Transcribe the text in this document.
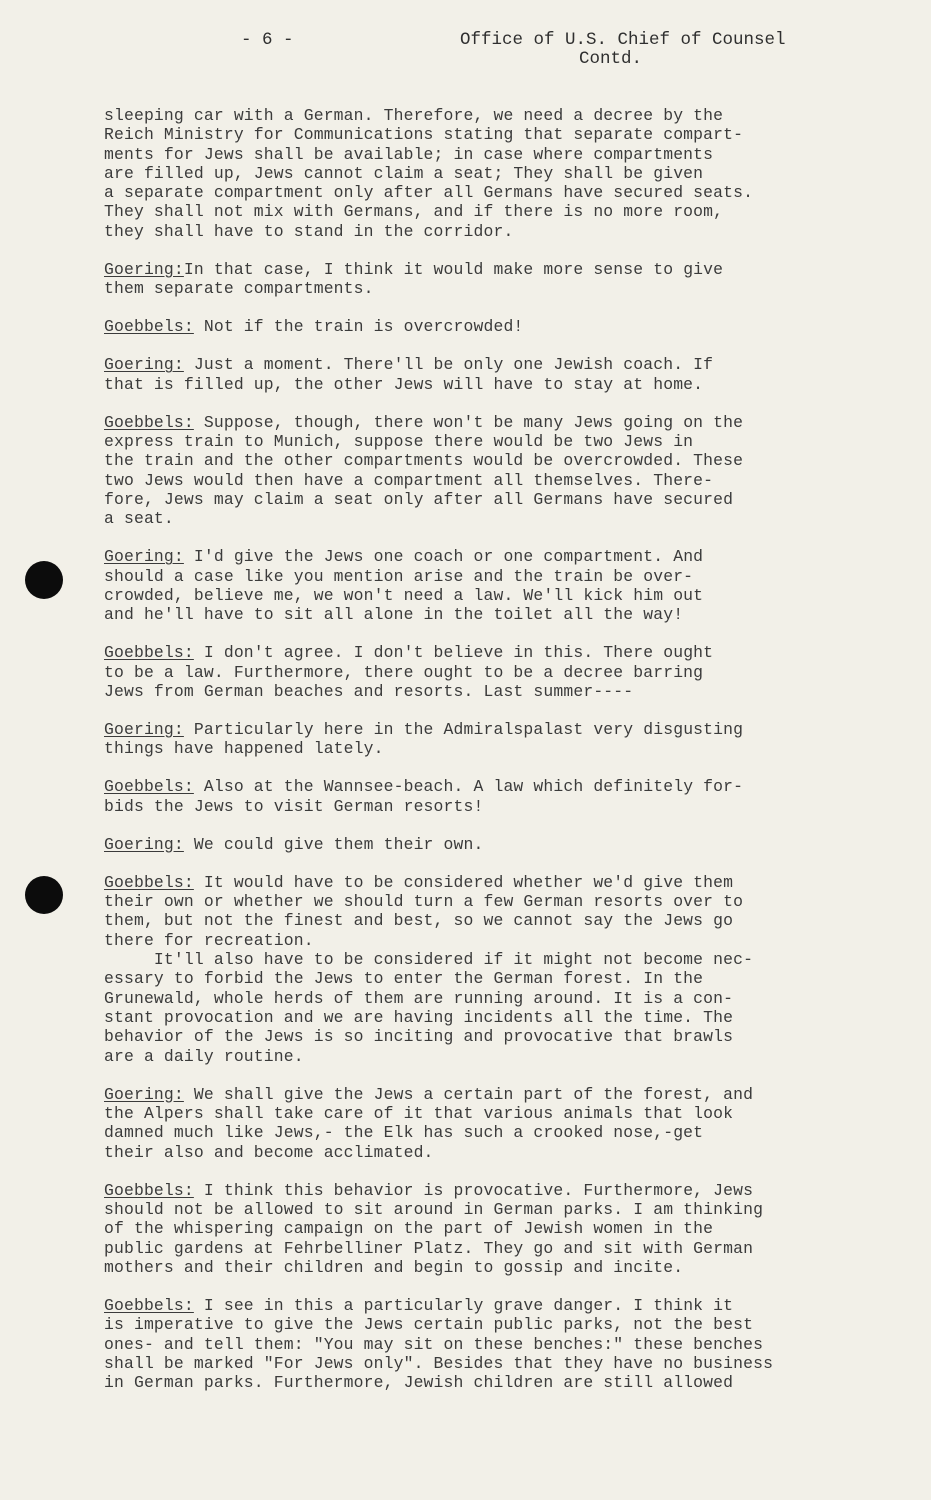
- 6 -	Office of U.S. Chief of Counsel
Contd.
sleeping car with a German. Therefore, we need a decree by the
Reich Ministry for Communications stating that separate compart-
ments for Jews shall be available; in case where compartments
are filled up, Jews cannot claim a seat; They shall be given
a separate compartment only after all Germans have secured seats.
They shall not mix with Germans, and if there is no more room,
they shall have to stand in the corridor.
Goering:In that case, I think it would make more sense to give
them separate compartments.
Goebbels: Not if the train is overcrowded!
Goering: Just a moment. There'll be only one Jewish coach. If
that is filled up, the other Jews will have to stay at home.
Goebbels: Suppose, though, there won't be many Jews going on the
express train to Munich, suppose there would be two Jews in
the train and the other compartments would be overcrowded. These
two Jews would then have a compartment all themselves. There-
fore, Jews may claim a seat only after all Germans have secured
a seat.
Goering: I'd give the Jews one coach or one compartment. And
should a case like you mention arise and the train be over-
crowded, believe me, we won't need a law. We'll kick him out
and he'll have to sit all alone in the toilet all the way!
Goebbels: I don't agree. I don't believe in this. There ought
to be a law. Furthermore, there ought to be a decree barring
Jews from German beaches and resorts. Last summer----
Goering: Particularly here in the Admiralspalast very disgusting
things have happened lately.
Goebbels: Also at the Wannsee-beach. A law which definitely for-
bids the Jews to visit German resorts!
Goering: We could give them their own.
Goebbels: It would have to be considered whether we'd give them
their own or whether we should turn a few German resorts over to
them, but not the finest and best, so we cannot say the Jews go
there for recreation.
It'll also have to be considered if it might not become nec-
essary to forbid the Jews to enter the German forest. In the
Grunewald, whole herds of them are running around. It is a con-
stant provocation and we are having incidents all the time. The
behavior of the Jews is so inciting and provocative that brawls
are a daily routine.
Goering: We shall give the Jews a certain part of the forest, and
the Alpers shall take care of it that various animals that look
damned much like Jews,- the Elk has such a crooked nose,-get
their also and become acclimated.
Goebbels: I think this behavior is provocative. Furthermore, Jews
should not be allowed to sit around in German parks. I am thinking
of the whispering campaign on the part of Jewish women in the
public gardens at Fehrbelliner Platz. They go and sit with German
mothers and their children and begin to gossip and incite.
Goebbels: I see in this a particularly grave danger. I think it
is imperative to give the Jews certain public parks, not the best
ones- and tell them: "You may sit on these benches:" these benches
shall be marked "For Jews only". Besides that they have no business
in German parks. Furthermore, Jewish children are still allowed
